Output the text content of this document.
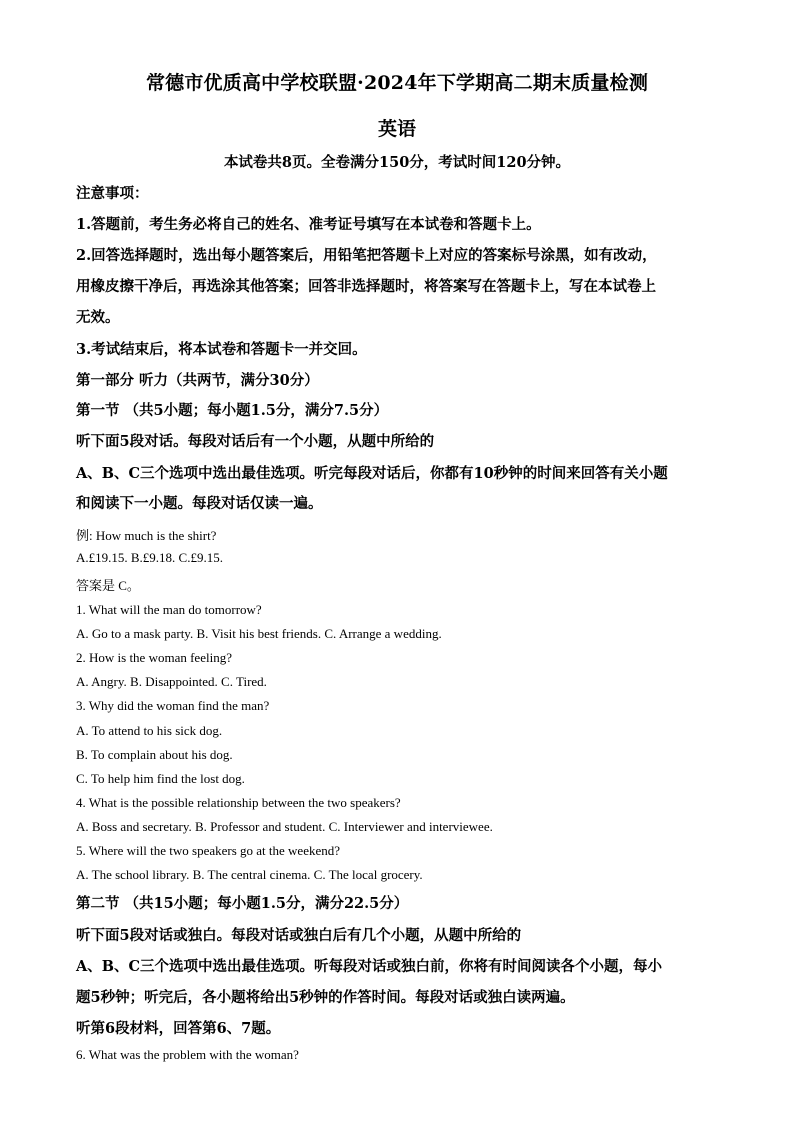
常德市优质高中学校联盟·2024年下学期高二期末质量检测
英语
本试卷共8页。全卷满分150分，考试时间120分钟。
注意事项：
1.答题前，考生务必将自己的姓名、准考证号填写在本试卷和答题卡上。
2.回答选择题时，选出每小题答案后，用铅笔把答题卡上对应的答案标号涂黑，如有改动，
用橡皮擦干净后，再选涂其他答案；回答非选择题时，将答案写在答题卡上，写在本试卷上
无效。
3.考试结束后，将本试卷和答题卡一并交回。
第一部分 听力（共两节，满分30分）
第一节 （共5小题；每小题1.5分，满分7.5分）
听下面5段对话。每段对话后有一个小题，从题中所给的
A、B、C三个选项中选出最佳选项。听完每段对话后，你都有10秒钟的时间来回答有关小题
和阅读下一小题。每段对话仅读一遍。
例: How much is the shirt?
A.£19.15. B.£9.18. C.£9.15.
答案是 C。
1. What will the man do tomorrow?
A. Go to a mask party. B. Visit his best friends. C. Arrange a wedding.
2. How is the woman feeling?
A. Angry. B. Disappointed. C. Tired.
3. Why did the woman find the man?
A. To attend to his sick dog.
B. To complain about his dog.
C. To help him find the lost dog.
4. What is the possible relationship between the two speakers?
A. Boss and secretary. B. Professor and student. C. Interviewer and interviewee.
5. Where will the two speakers go at the weekend?
A. The school library. B. The central cinema. C. The local grocery.
第二节 （共15小题；每小题1.5分，满分22.5分）
听下面5段对话或独白。每段对话或独白后有几个小题，从题中所给的
A、B、C三个选项中选出最佳选项。听每段对话或独白前，你将有时间阅读各个小题，每小
题5秒钟；听完后，各小题将给出5秒钟的作答时间。每段对话或独白读两遍。
听第6段材料，回答第6、7题。
6. What was the problem with the woman?
